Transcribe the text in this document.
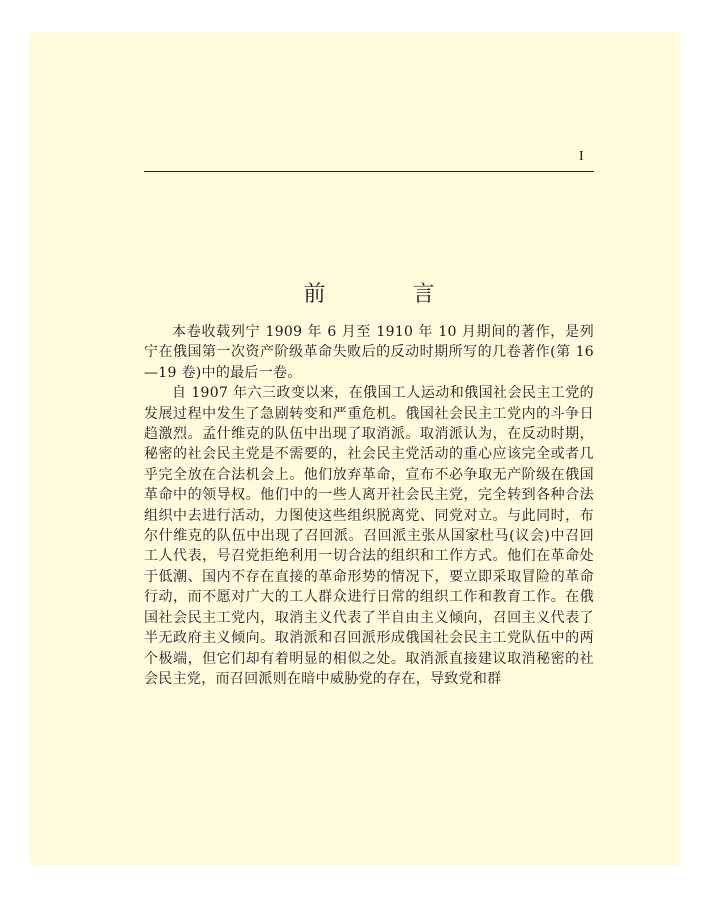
I
前 言

本卷收载列宁 1909 年 6 月至 1910 年 10 月期间的著作，是列宁在俄国第一次资产阶级革命失败后的反动时期所写的几卷著作(第 16—19 卷)中的最后一卷。

自 1907 年六三政变以来，在俄国工人运动和俄国社会民主工党的发展过程中发生了急剧转变和严重危机。俄国社会民主工党内的斗争日趋激烈。孟什维克的队伍中出现了取消派。取消派认为，在反动时期，秘密的社会民主党是不需要的，社会民主党活动的重心应该完全或者几乎完全放在合法机会上。他们放弃革命，宣布不必争取无产阶级在俄国革命中的领导权。他们中的一些人离开社会民主党，完全转到各种合法组织中去进行活动，力图使这些组织脱离党、同党对立。与此同时，布尔什维克的队伍中出现了召回派。召回派主张从国家杜马(议会)中召回工人代表，号召党拒绝利用一切合法的组织和工作方式。他们在革命处于低潮、国内不存在直接的革命形势的情况下，要立即采取冒险的革命行动，而不愿对广大的工人群众进行日常的组织工作和教育工作。在俄国社会民主工党内，取消主义代表了半自由主义倾向，召回主义代表了半无政府主义倾向。取消派和召回派形成俄国社会民主工党队伍中的两个极端，但它们却有着明显的相似之处。取消派直接建议取消秘密的社会民主党，而召回派则在暗中威胁党的存在，导致党和群
